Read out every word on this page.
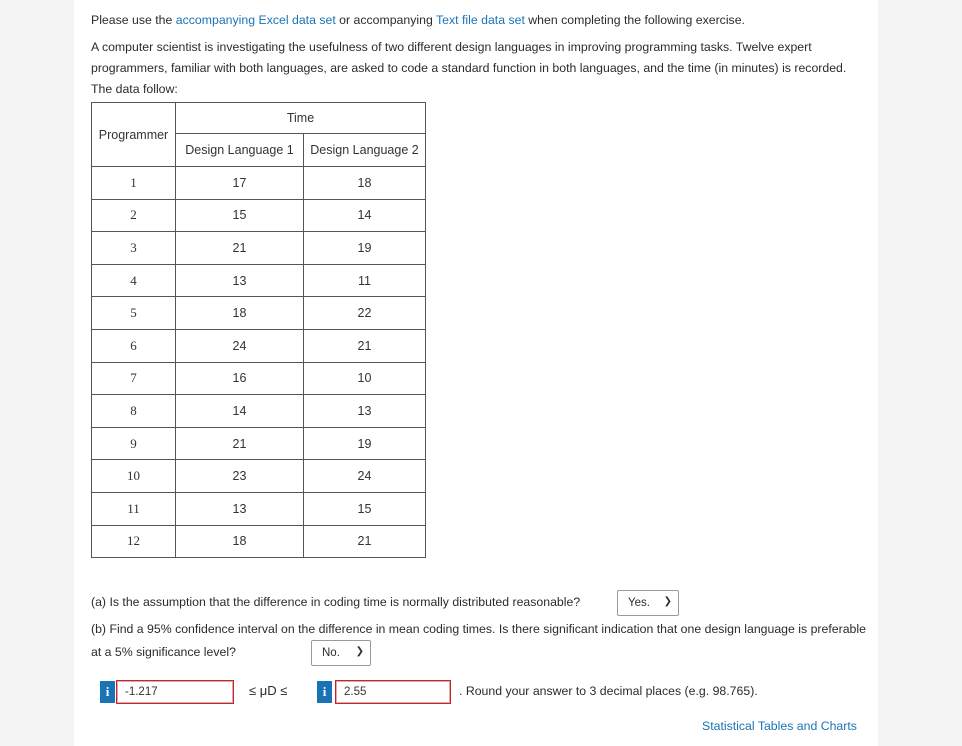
Please use the accompanying Excel data set or accompanying Text file data set when completing the following exercise.
A computer scientist is investigating the usefulness of two different design languages in improving programming tasks. Twelve expert programmers, familiar with both languages, are asked to code a standard function in both languages, and the time (in minutes) is recorded. The data follow:
Programmer	Time	
	Design Language 1	Design Language 2
1	17	18
2	15	14
3	21	19
4	13	11
5	18	22
6	24	21
7	16	10
8	14	13
9	21	19
10	23	24
11	13	15
12	18	21
(a) Is the assumption that the difference in coding time is normally distributed reasonable?	Yes. ❯
(b) Find a 95% confidence interval on the difference in mean coding times. Is there significant indication that one design language is preferable at a 5% significance level?	No. ❯
i
-1.217	≤ μD ≤	i
2.55	. Round your answer to 3 decimal places (e.g. 98.765).
Statistical Tables and Charts
